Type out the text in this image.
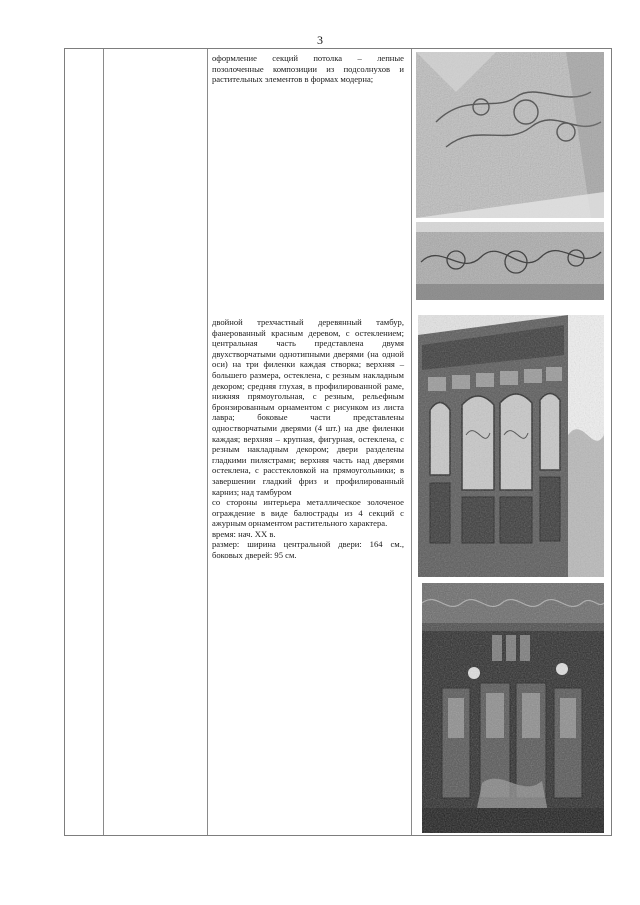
3

оформление секций потолка – лепные позолоченные композиции из подсолнухов и растительных элементов в формах модерна;

двойной трехчастный деревянный тамбур, фанерованный красным деревом, с остеклением; центральная часть представлена двумя двухстворчатыми однотипными дверями (на одной оси) на три филенки каждая створка; верхняя – большего размера, остеклена, с резным накладным декором; средняя глухая, в профилированной раме, нижняя прямоугольная, с резным, рельефным бронзированным орнаментом с рисунком из листа лавра; боковые части представлены одностворчатыми дверями (4 шт.) на две филенки каждая; верхняя – крупная, фигурная, остеклена, с резным накладным декором; двери разделены гладкими пилястрами; верхняя часть над дверями остеклена, с расстекловкой на прямоугольники; в завершении гладкий фриз и профилированный карниз; над тамбуром

со стороны интерьера металлическое золоченое ограждение в виде балюстрады из 4 секций с ажурным орнаментом растительного характера.

время: нач. XX в.

размер: ширина центральной двери: 164 см., боковых дверей: 95 см.
